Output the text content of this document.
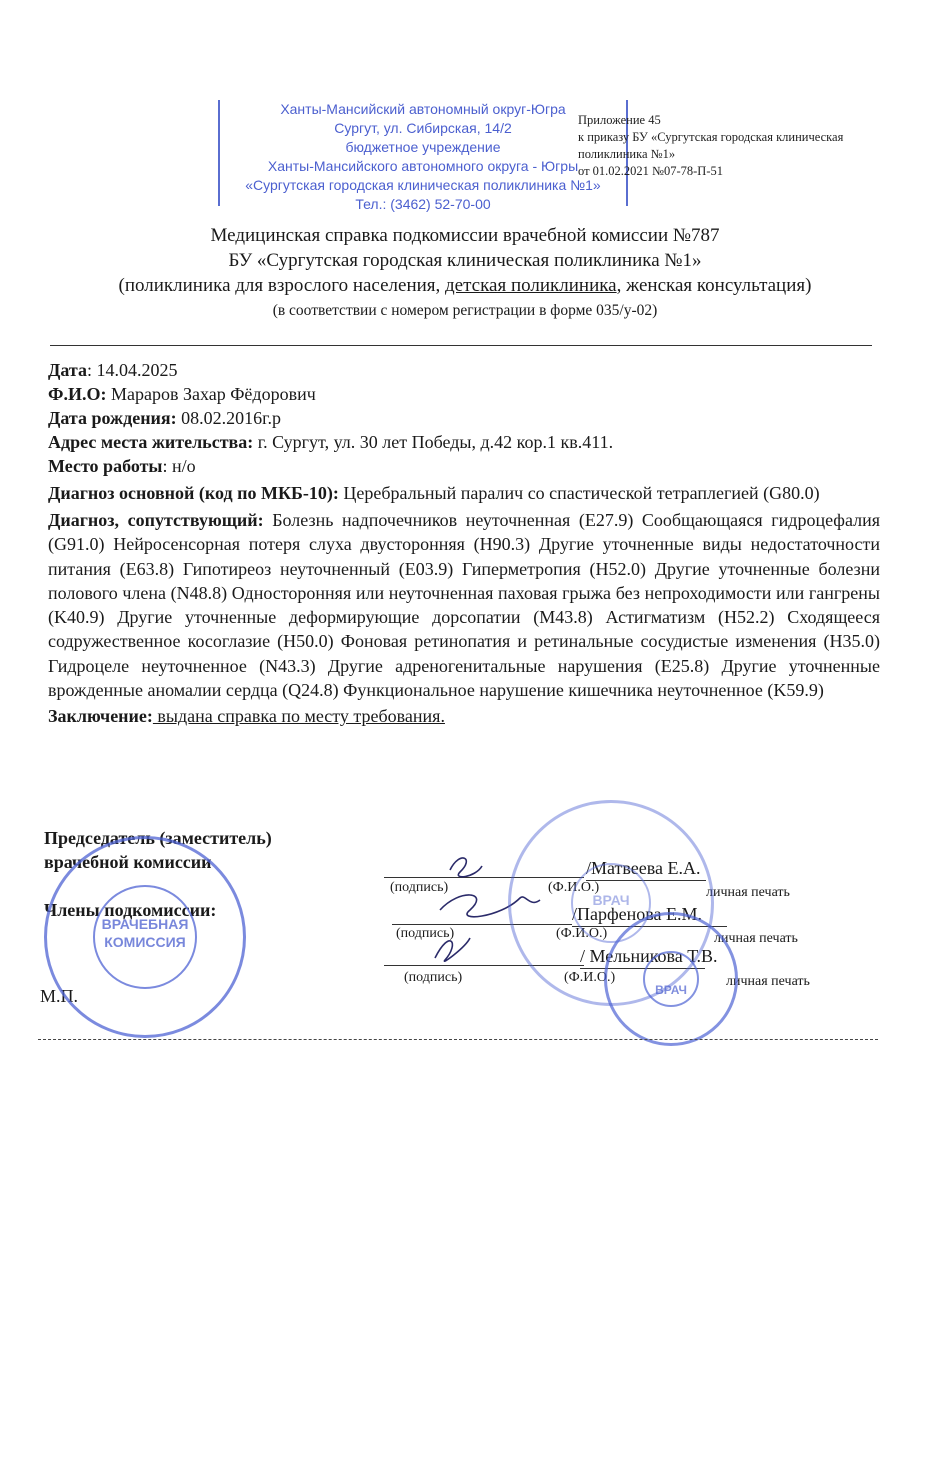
Ханты-Мансийский автономный округ-Югра
Сургут, ул. Сибирская, 14/2
бюджетное учреждение
Ханты-Мансийского автономного округа - Югры
«Сургутская городская клиническая поликлиника №1»
Тел.: (3462) 52-70-00
Приложение 45
к приказу БУ «Сургутская городская клиническая
поликлиника №1»
от 01.02.2021 №07-78-П-51
Медицинская справка подкомиссии врачебной комиссии №787
БУ «Сургутская городская клиническая поликлиника №1»
(поликлиника для взрослого населения, детская поликлиника, женская консультация)
(в соответствии с номером регистрации в форме 035/у-02)

Дата: 14.04.2025

Ф.И.О: Мараров Захар Фёдорович

Дата рождения: 08.02.2016г.р

Адрес места жительства: г. Сургут, ул. 30 лет Победы, д.42 кор.1 кв.411.

Место работы: н/о

Диагноз основной (код по МКБ-10): Церебральный паралич со спастической тетраплегией (G80.0)

Диагноз, сопутствующий: Болезнь надпочечников неуточненная (E27.9) Сообщающаяся гидроцефалия (G91.0) Нейросенсорная потеря слуха двусторонняя (H90.3) Другие уточненные виды недостаточности питания (E63.8) Гипотиреоз неуточненный (E03.9) Гиперметропия (H52.0) Другие уточненные болезни полового члена (N48.8) Односторонняя или неуточненная паховая грыжа без непроходимости или гангрены (K40.9) Другие уточненные деформирующие дорсопатии (M43.8) Астигматизм (H52.2) Сходящееся содружественное косоглазие (H50.0) Фоновая ретинопатия и ретинальные сосудистые изменения (H35.0) Гидроцеле неуточненное (N43.3) Другие адреногенитальные нарушения (E25.8) Другие уточненные врожденные аномалии сердца (Q24.8) Функциональное нарушение кишечника неуточненное (K59.9)

Заключение: выдана справка по месту требования.

Председатель (заместитель)
врачебной комиссии
Члены подкомиссии:
М.П.
/Матвеева Е.А.
(подпись)	(Ф.И.О.)	личная печать
/Парфенова Е.М.
(подпись)	(Ф.И.О.)	личная печать
/ Мельникова Т.В.
(подпись)	(Ф.И.О.)	личная печать
ВРАЧЕБНАЯ
КОМИССИЯ
ВРАЧ
ВРАЧ
